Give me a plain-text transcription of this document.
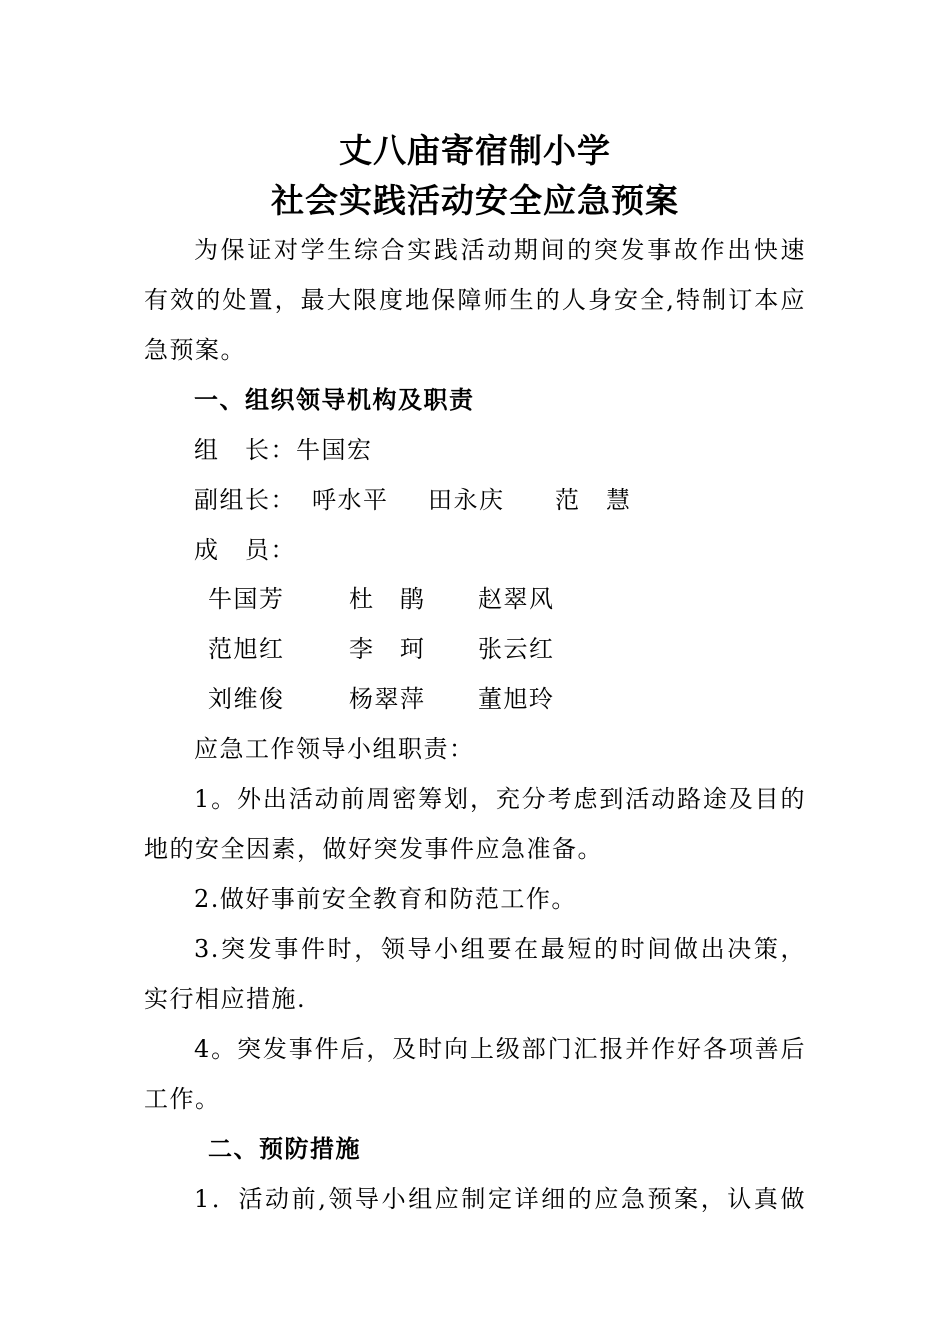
丈八庙寄宿制小学
社会实践活动安全应急预案
为保证对学生综合实践活动期间的突发事故作出快速
有效的处置，最大限度地保障师生的人身安全,特制订本应
急预案。
一、组织领导机构及职责
组　长：牛国宏
副组长： 呼水平 田永庆 范　慧
成　员：
牛国芳	杜　鹃 赵翠风
范旭红	李　珂 张云红
刘维俊	杨翠萍 董旭玲
应急工作领导小组职责：
1。外出活动前周密筹划，充分考虑到活动路途及目的
地的安全因素，做好突发事件应急准备。
2.做好事前安全教育和防范工作。
3.突发事件时，领导小组要在最短的时间做出决策，
实行相应措施.
4。突发事件后，及时向上级部门汇报并作好各项善后
工作。
二、预防措施
1．活动前,领导小组应制定详细的应急预案，认真做
